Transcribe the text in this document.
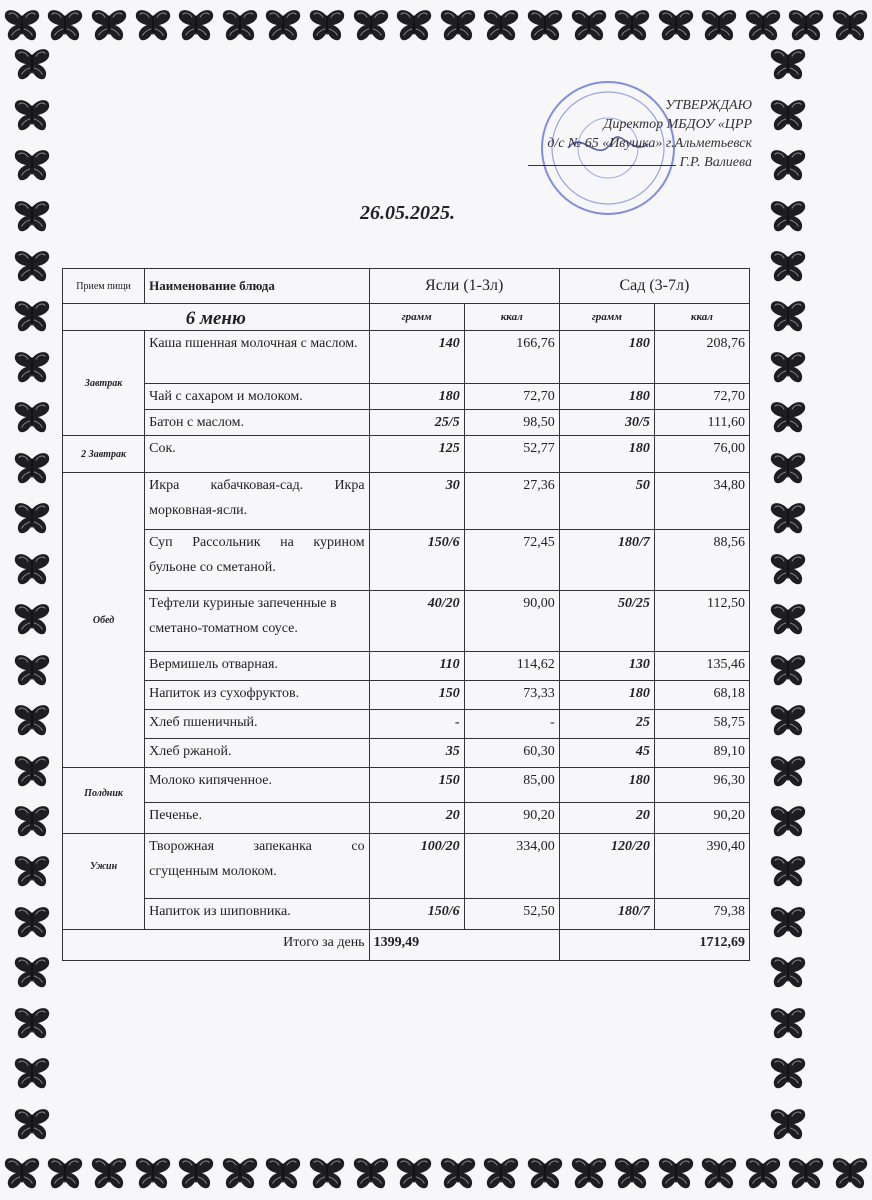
УТВЕРЖДАЮ
Директор МБДОУ «ЦРР
д/с № 65 «Ивушка» г.Альметьевск
Г.Р. Валиева
26.05.2025.
Прием пищи	Наименование блюда	Ясли (1-3л)		Сад (3-7л)	
6 меню		грамм	ккал	грамм	ккал
Завтрак	Каша пшенная молочная с маслом.	140	166,76	180	208,76
	Чай с сахаром и молоком.	180	72,70	180	72,70
	Батон с маслом.	25/5	98,50	30/5	111,60
2 Завтрак	Сок.	125	52,77	180	76,00
Обед	Икра кабачковая-сад. Икра морковная-ясли.	30	27,36	50	34,80
	Суп Рассольник на курином бульоне со сметаной.	150/6	72,45	180/7	88,56
	Тефтели куриные запеченные в сметано-томатном соусе.	40/20	90,00	50/25	112,50
	Вермишель отварная.	110	114,62	130	135,46
	Напиток из сухофруктов.	150	73,33	180	68,18
	Хлеб пшеничный.	-	-	25	58,75
	Хлеб ржаной.	35	60,30	45	89,10
Полдник	Молоко кипяченное.	150	85,00	180	96,30
	Печенье.	20	90,20	20	90,20
Ужин	Творожная запеканка со сгущенным молоком.	100/20	334,00	120/20	390,40
	Напиток из шиповника.	150/6	52,50	180/7	79,38
Итого за день		1399,49		1712,69	
